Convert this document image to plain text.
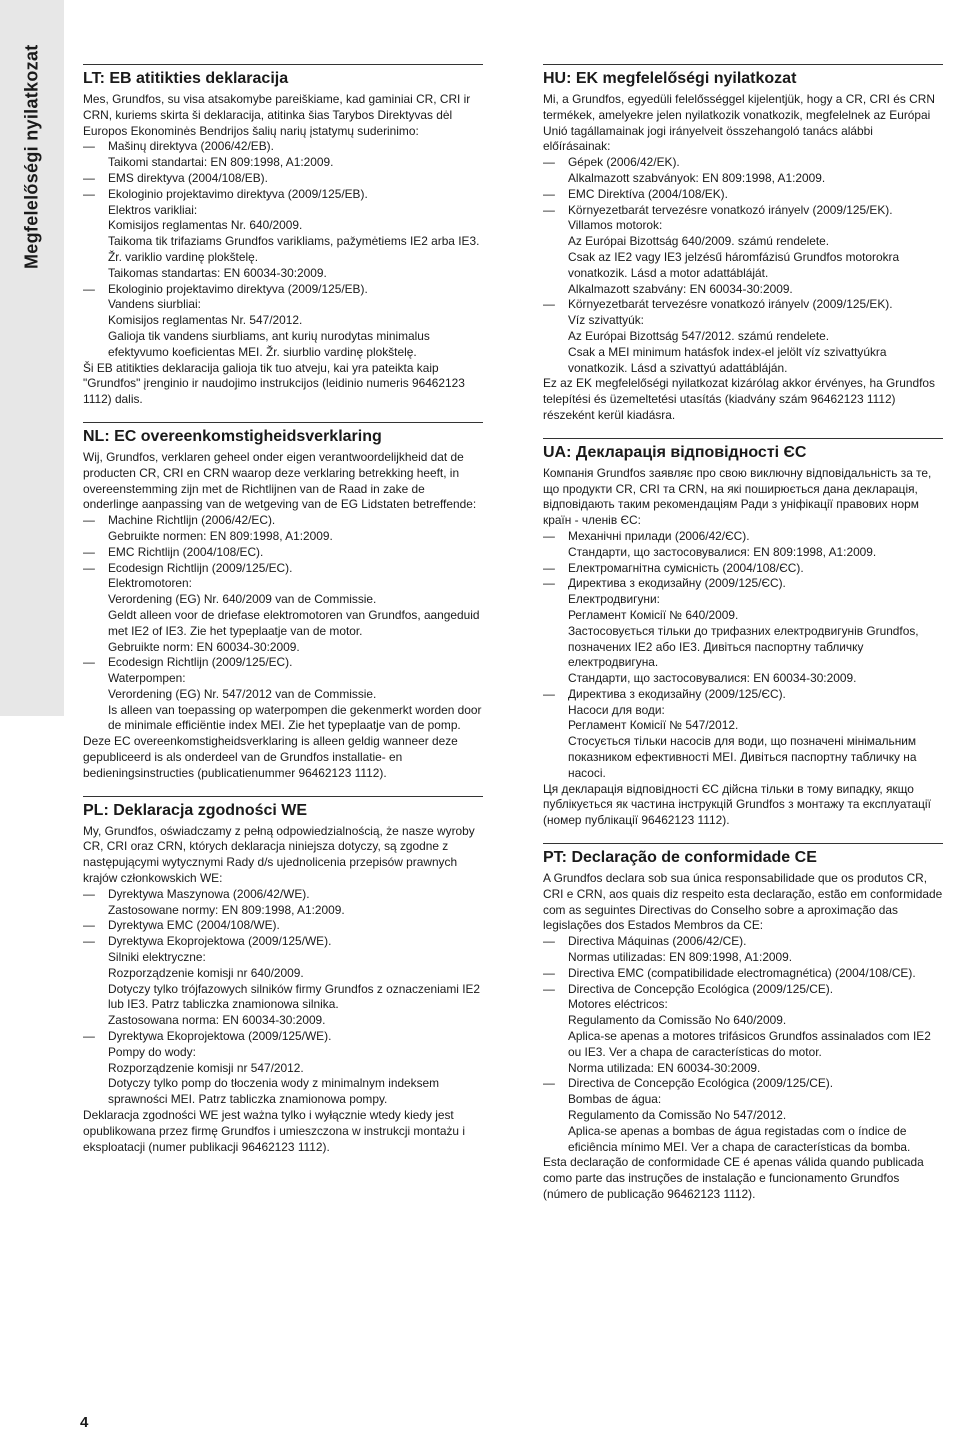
Megfelelőségi nyilatkozat	LT: EB atitikties deklaracija
Mes, Grundfos, su visa atsakomybe pareiškiame, kad gaminiai CR, CRI ir CRN, kuriems skirta ši deklaracija, atitinka šias Tarybos Direktyvas dėl Europos Ekonominės Bendrijos šalių narių įstatymų suderinimo:
—	Mašinų direktyva (2006/42/EB).
Taikomi standartai: EN 809:1998, A1:2009.
—	EMS direktyva (2004/108/EB).
—	Ekologinio projektavimo direktyva (2009/125/EB).
Elektros varikliai:
Komisijos reglamentas Nr. 640/2009.
Taikoma tik trifaziams Grundfos varikliams, pažymėtiems IE2 arba IE3. Žr. variklio vardinę plokštelę.
Taikomas standartas: EN 60034-30:2009.
—	Ekologinio projektavimo direktyva (2009/125/EB).
Vandens siurbliai:
Komisijos reglamentas Nr. 547/2012.
Galioja tik vandens siurbliams, ant kurių nurodytas minimalus efektyvumo koeficientas MEI. Žr. siurblio vardinę plokštelę.
Ši EB atitikties deklaracija galioja tik tuo atveju, kai yra pateikta kaip "Grundfos" įrenginio ir naudojimo instrukcijos (leidinio numeris 96462123 1112) dalis.
NL: EC overeenkomstigheidsverklaring
Wij, Grundfos, verklaren geheel onder eigen verantwoordelijkheid dat de producten CR, CRI en CRN waarop deze verklaring betrekking heeft, in overeenstemming zijn met de Richtlijnen van de Raad in zake de onderlinge aanpassing van de wetgeving van de EG Lidstaten betreffende:
—	Machine Richtlijn (2006/42/EC).
Gebruikte normen: EN 809:1998, A1:2009.
—	EMC Richtlijn (2004/108/EC).
—	Ecodesign Richtlijn (2009/125/EC).
Elektromotoren:
Verordening (EG) Nr. 640/2009 van de Commissie.
Geldt alleen voor de driefase elektromotoren van Grundfos, aangeduid met IE2 of IE3. Zie het typeplaatje van de motor.
Gebruikte norm: EN 60034-30:2009.
—	Ecodesign Richtlijn (2009/125/EC).
Waterpompen:
Verordening (EG) Nr. 547/2012 van de Commissie.
Is alleen van toepassing op waterpompen die gekenmerkt worden door de minimale efficiëntie index MEI. Zie het typeplaatje van de pomp.
Deze EC overeenkomstigheidsverklaring is alleen geldig wanneer deze gepubliceerd is als onderdeel van de Grundfos installatie- en bedieningsinstructies (publicatienummer 96462123 1112).
PL: Deklaracja zgodności WE
My, Grundfos, oświadczamy z pełną odpowiedzialnością, że nasze wyroby CR, CRI oraz CRN, których deklaracja niniejsza dotyczy, są zgodne z następującymi wytycznymi Rady d/s ujednolicenia przepisów prawnych krajów członkowskich WE:
—	Dyrektywa Maszynowa (2006/42/WE).
Zastosowane normy: EN 809:1998, A1:2009.
—	Dyrektywa EMC (2004/108/WE).
—	Dyrektywa Ekoprojektowa (2009/125/WE).
Silniki elektryczne:
Rozporządzenie komisji nr 640/2009.
Dotyczy tylko trójfazowych silników firmy Grundfos z oznaczeniami IE2 lub IE3. Patrz tabliczka znamionowa silnika.
Zastosowana norma: EN 60034-30:2009.
—	Dyrektywa Ekoprojektowa (2009/125/WE).
Pompy do wody:
Rozporządzenie komisji nr 547/2012.
Dotyczy tylko pomp do tłoczenia wody z minimalnym indeksem sprawności MEI. Patrz tabliczka znamionowa pompy.
Deklaracja zgodności WE jest ważna tylko i wyłącznie wtedy kiedy jest opublikowana przez firmę Grundfos i umieszczona w instrukcji montażu i eksploatacji (numer publikacji 96462123 1112).
HU: EK megfelelőségi nyilatkozat
Mi, a Grundfos, egyedüli felelősséggel kijelentjük, hogy a CR, CRI és CRN termékek, amelyekre jelen nyilatkozik vonatkozik, megfelelnek az Európai Unió tagállamainak jogi irányelveit összehangoló tanács alábbi előírásainak:
—	Gépek (2006/42/EK).
Alkalmazott szabványok: EN 809:1998, A1:2009.
—	EMC Direktíva (2004/108/EK).
—	Környezetbarát tervezésre vonatkozó irányelv (2009/125/EK).
Villamos motorok:
Az Európai Bizottság 640/2009. számú rendelete.
Csak az IE2 vagy IE3 jelzésű háromfázisú Grundfos motorokra vonatkozik. Lásd a motor adattábláját.
Alkalmazott szabvány: EN 60034-30:2009.
—	Környezetbarát tervezésre vonatkozó irányelv (2009/125/EK).
Víz szivattyúk:
Az Európai Bizottság 547/2012. számú rendelete.
Csak a MEI minimum hatásfok index-el jelölt víz szivattyúkra vonatkozik. Lásd a szivattyú adattábláján.
Ez az EK megfelelőségi nyilatkozat kizárólag akkor érvényes, ha Grundfos telepítési és üzemeltetési utasítás (kiadvány szám 96462123 1112) részeként kerül kiadásra.
UA: Декларація відповідності ЄС
Компанія Grundfos заявляє про свою виключну відповідальність за те, що продукти CR, CRI та CRN, на які поширюється дана декларація, відповідають таким рекомендаціям Ради з уніфікації правових норм країн - членів ЄС:
—	Механічні прилади (2006/42/ЄС).
Стандарти, що застосовувалися: EN 809:1998, A1:2009.
—	Електромагнітна сумісність (2004/108/ЄС).
—	Директива з екодизайну (2009/125/ЄС).
Електродвигуни:
Регламент Комісії № 640/2009.
Застосовується тільки до трифазних електродвигунів Grundfos, позначених IE2 або IE3. Дивіться паспортну табличку електродвигуна.
Стандарти, що застосовувалися: EN 60034-30:2009.
—	Директива з екодизайну (2009/125/ЄС).
Насоси для води:
Регламент Комісії № 547/2012.
Стосується тільки насосів для води, що позначені мінімальним показником ефективності MEI. Дивіться паспортну табличку на насосі.
Ця декларація відповідності ЄС дійсна тільки в тому випадку, якщо публікується як частина інструкцій Grundfos з монтажу та експлуатації (номер публікації 96462123 1112).
PT: Declaração de conformidade CE
A Grundfos declara sob sua única responsabilidade que os produtos CR, CRI e CRN, aos quais diz respeito esta declaração, estão em conformidade com as seguintes Directivas do Conselho sobre a aproximação das legislações dos Estados Membros da CE:
—	Directiva Máquinas (2006/42/CE).
Normas utilizadas: EN 809:1998, A1:2009.
—	Directiva EMC (compatibilidade electromagnética) (2004/108/CE).
—	Directiva de Concepção Ecológica (2009/125/CE).
Motores eléctricos:
Regulamento da Comissão No 640/2009.
Aplica-se apenas a motores trifásicos Grundfos assinalados com IE2 ou IE3. Ver a chapa de características do motor.
Norma utilizada: EN 60034-30:2009.
—	Directiva de Concepção Ecológica (2009/125/CE).
Bombas de água:
Regulamento da Comissão No 547/2012.
Aplica-se apenas a bombas de água registadas com o índice de eficiência mínimo MEI. Ver a chapa de características da bomba.
Esta declaração de conformidade CE é apenas válida quando publicada como parte das instruções de instalação e funcionamento Grundfos (número de publicação 96462123 1112).
4
